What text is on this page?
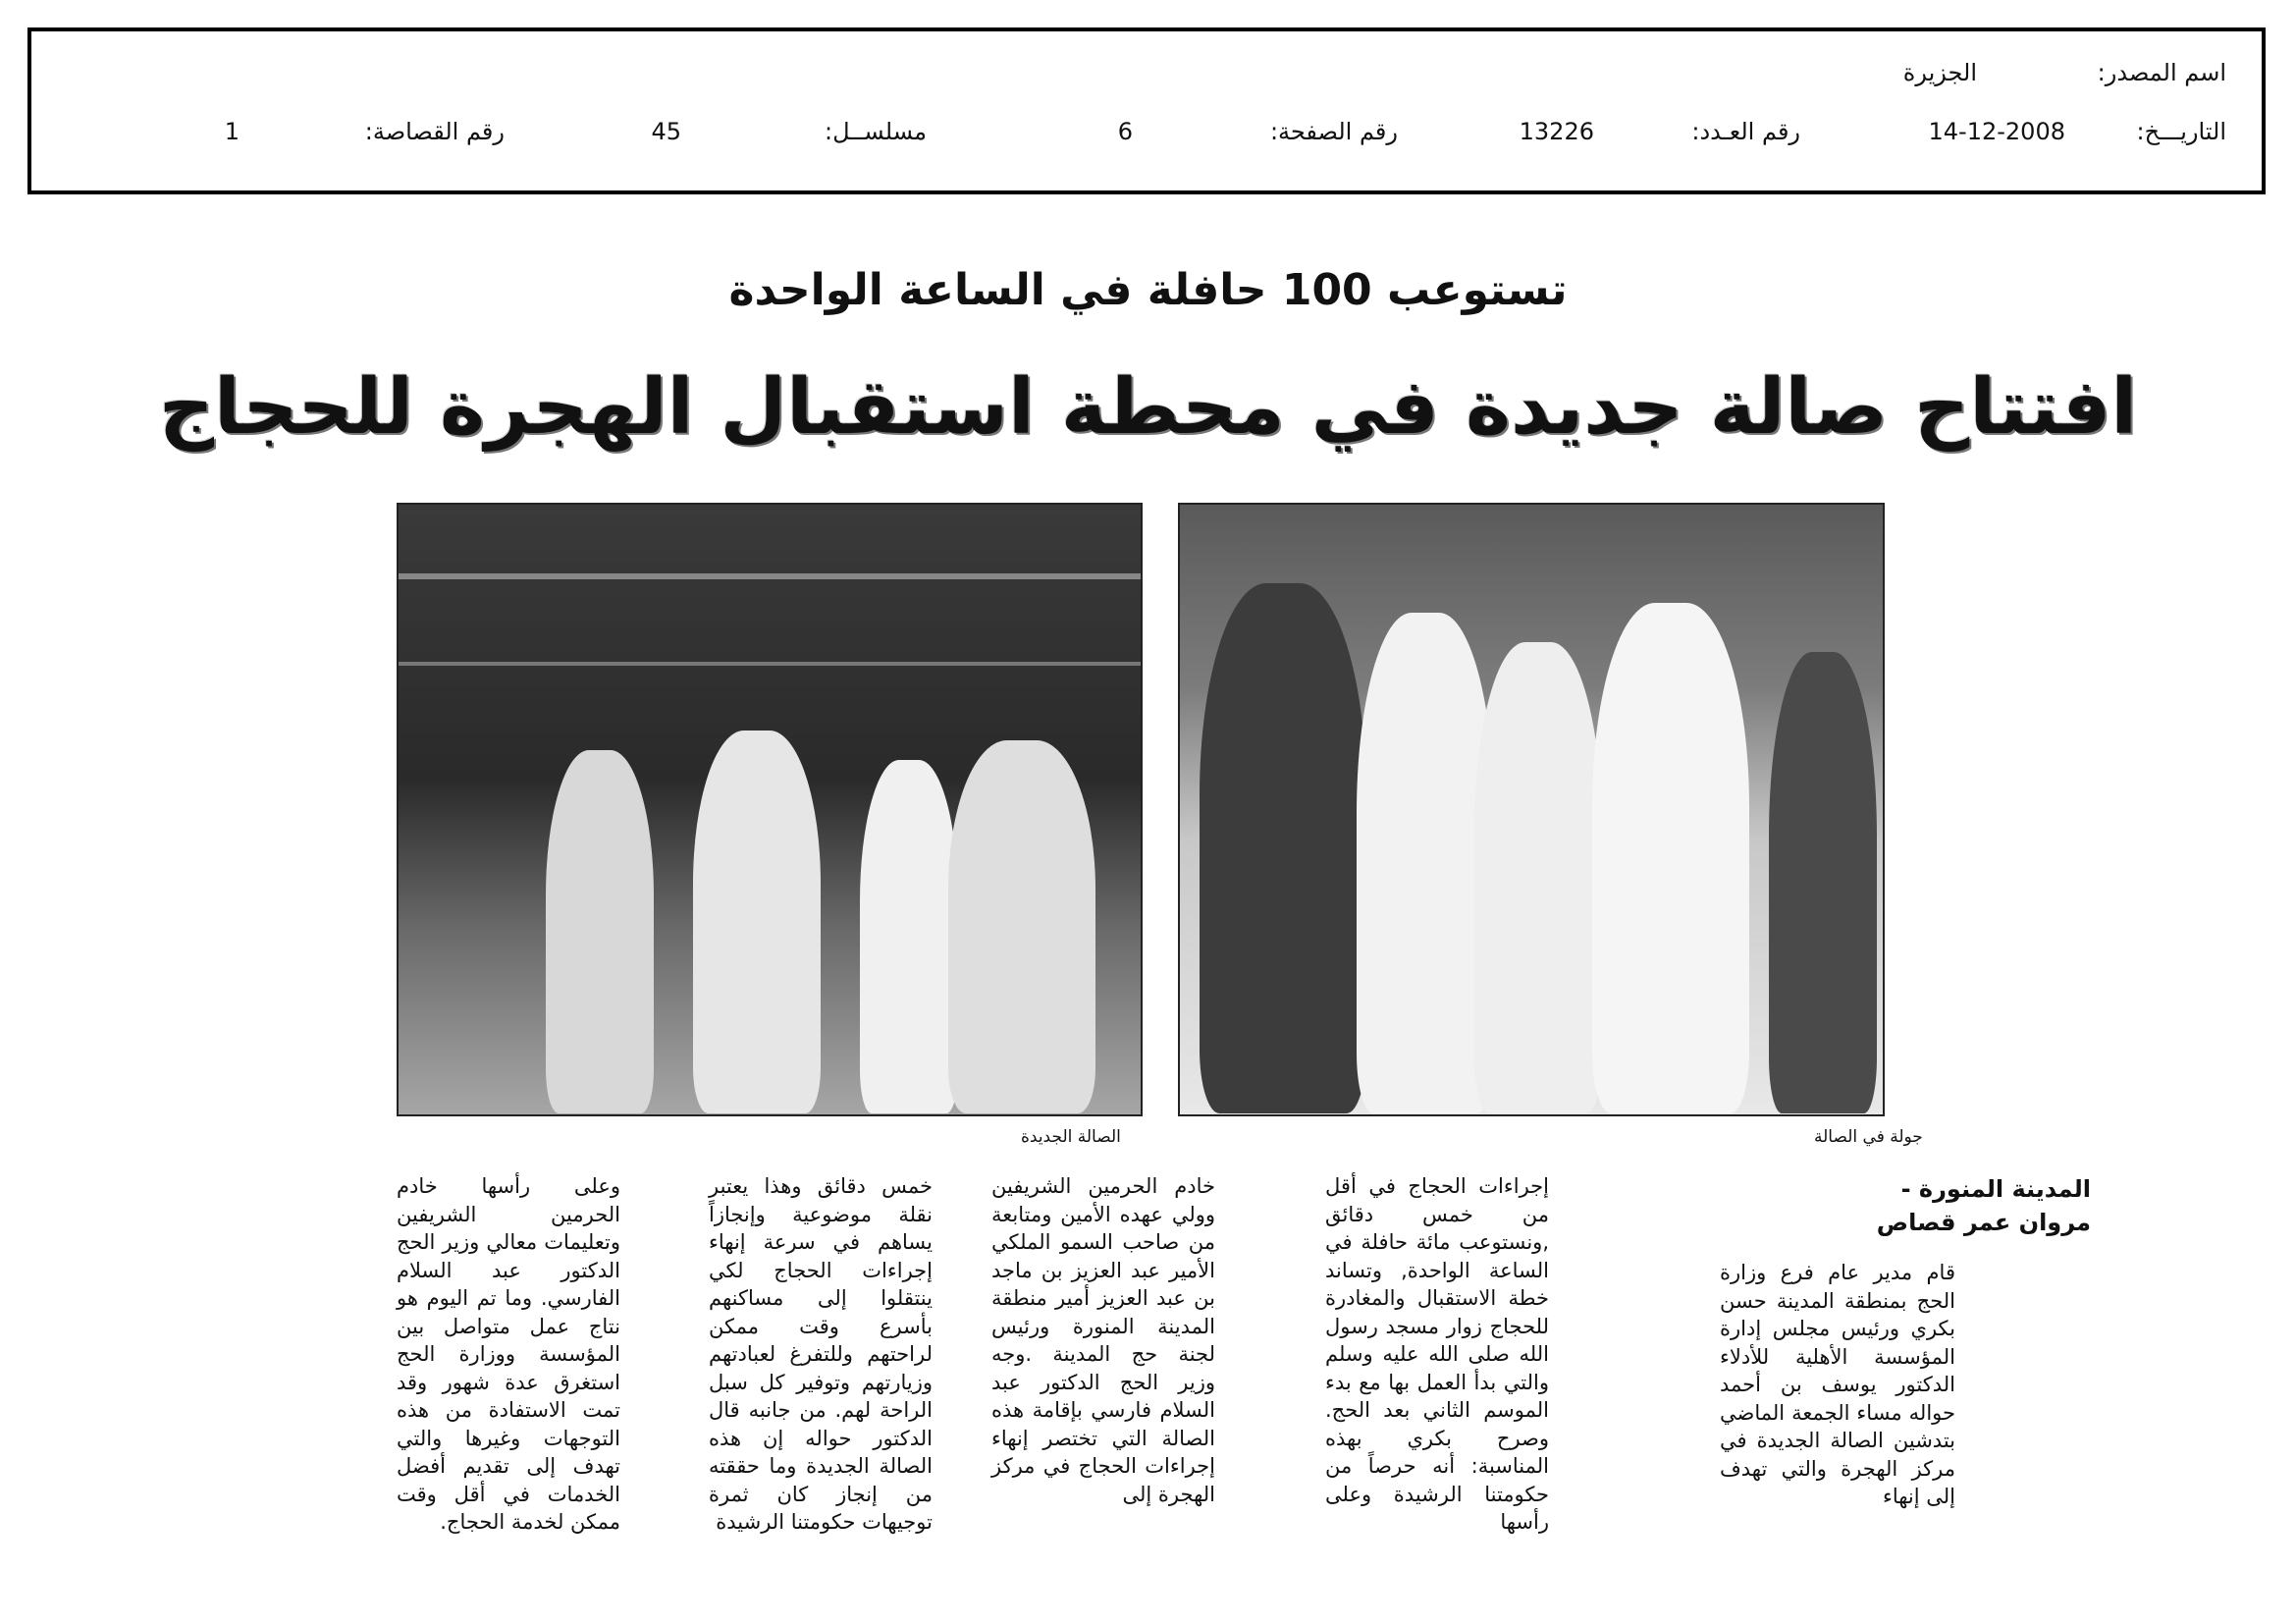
اسم المصدر:
الجزيرة
التاريـــخ:
14-12-2008
رقم العـدد:
13226
رقم الصفحة:
6
مسلســل:
45
رقم القصاصة:
1
تستوعب 100 حافلة في الساعة الواحدة
افتتاح صالة جديدة في محطة استقبال الهجرة للحجاج
الصالة الجديدة	جولة في الصالة
المدينة المنورة - مروان عمر قصاص
قام مدير عام فرع وزارة الحج بمنطقة المدينة حسن بكري ورئيس مجلس إدارة المؤسسة الأهلية للأدلاء الدكتور يوسف بن أحمد حواله مساء الجمعة الماضي بتدشين الصالة الجديدة في مركز الهجرة والتي تهدف إلى إنهاء
إجراءات الحجاج في أقل من خمس دقائق ,ونستوعب مائة حافلة في الساعة الواحدة, وتساند خطة الاستقبال والمغادرة للحجاج زوار مسجد رسول الله صلى الله عليه وسلم والتي بدأ العمل بها مع بدء الموسم الثاني بعد الحج. وصرح بكري بهذه المناسبة: أنه حرصاً من حكومتنا الرشيدة وعلى رأسها
خادم الحرمين الشريفين وولي عهده الأمين ومتابعة من صاحب السمو الملكي الأمير عبد العزيز بن ماجد بن عبد العزيز أمير منطقة المدينة المنورة ورئيس لجنة حج المدينة .وجه وزير الحج الدكتور عبد السلام فارسي بإقامة هذه الصالة التي تختصر إنهاء إجراءات الحجاج في مركز الهجرة إلى
خمس دقائق وهذا يعتبر نقلة موضوعية وإنجازاً يساهم في سرعة إنهاء إجراءات الحجاج لكي ينتقلوا إلى مساكنهم بأسرع وقت ممكن لراحتهم وللتفرغ لعبادتهم وزيارتهم وتوفير كل سبل الراحة لهم. من جانبه قال الدكتور حواله إن هذه الصالة الجديدة وما حققته من إنجاز كان ثمرة توجيهات حكومتنا الرشيدة
وعلى رأسها خادم الحرمين الشريفين وتعليمات معالي وزير الحج الدكتور عبد السلام الفارسي. وما تم اليوم هو نتاج عمل متواصل بين المؤسسة ووزارة الحج استغرق عدة شهور وقد تمت الاستفادة من هذه التوجهات وغيرها والتي تهدف إلى تقديم أفضل الخدمات في أقل وقت ممكن لخدمة الحجاج.
